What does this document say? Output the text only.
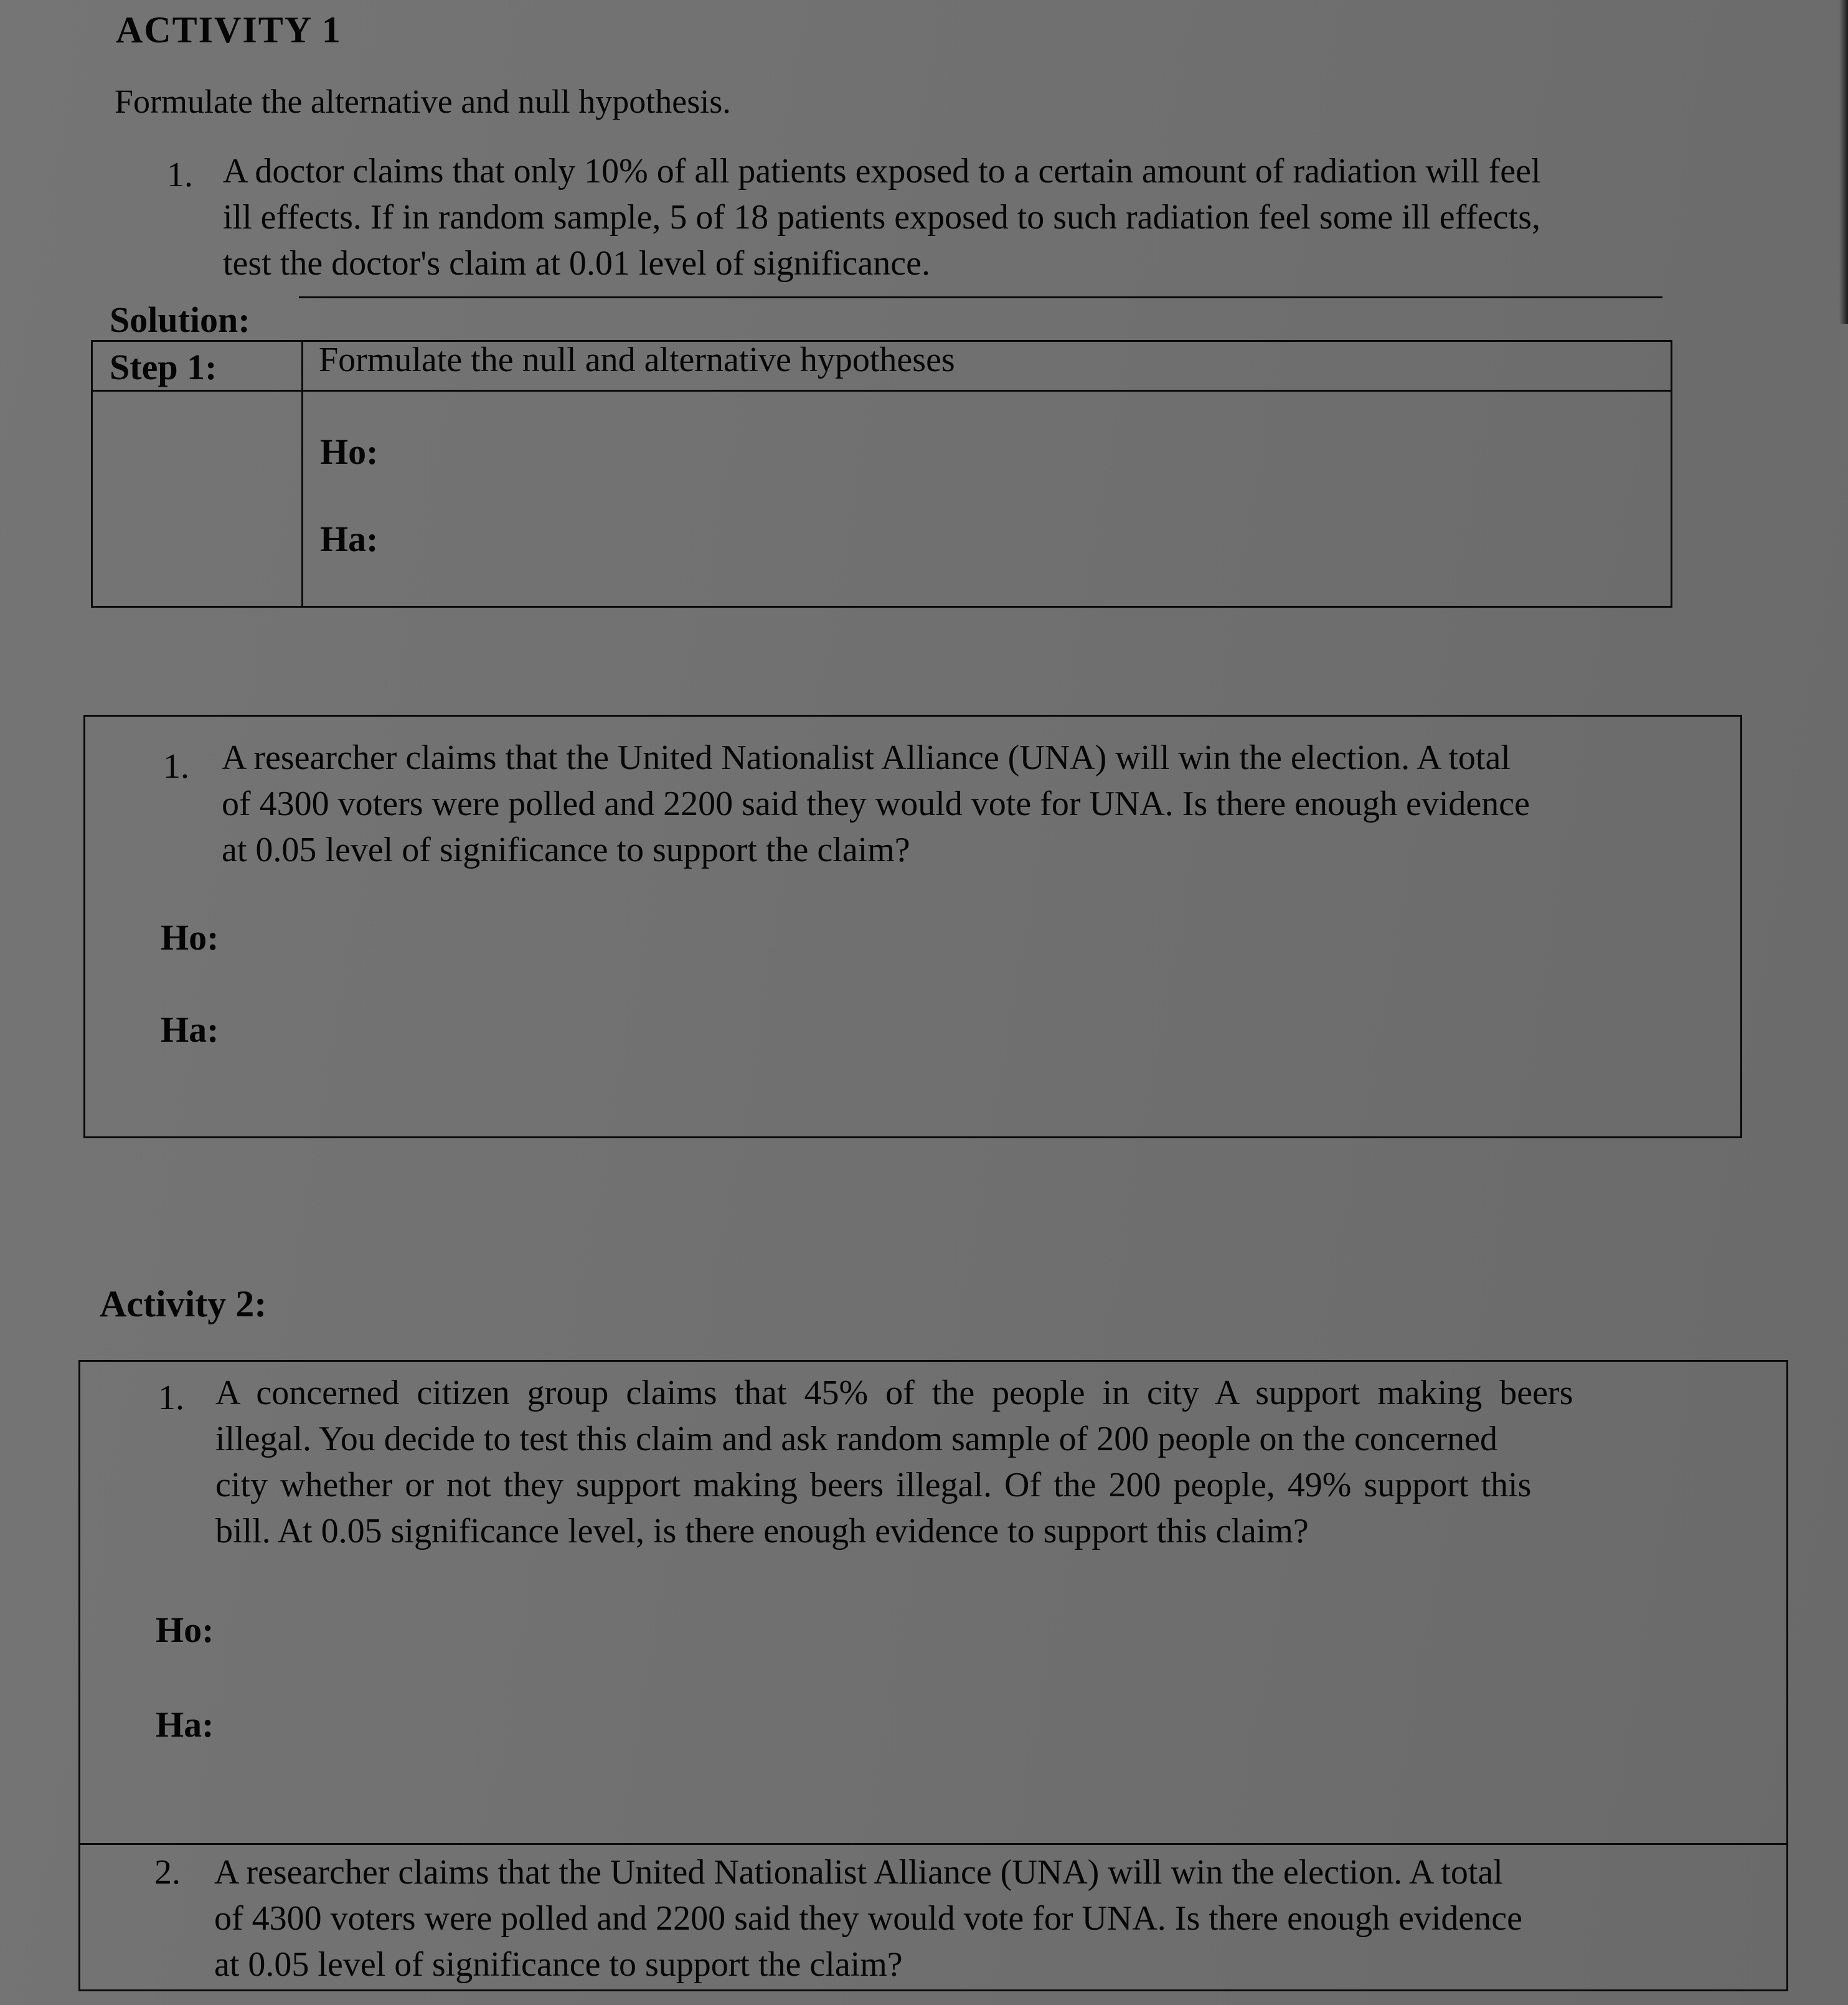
ACTIVITY 1
Formulate the alternative and null hypothesis.
1. A doctor claims that only 10% of all patients exposed to a certain amount of radiation will feel
ill effects. If in random sample, 5 of 18 patients exposed to such radiation feel some ill effects,
test the doctor's claim at 0.01 level of significance.
Solution:
Step 1:	Formulate the null and alternative hypotheses
Ho:
Ha:
1. A researcher claims that the United Nationalist Alliance (UNA) will win the election. A total
of 4300 voters were polled and 2200 said they would vote for UNA. Is there enough evidence
at 0.05 level of significance to support the claim?
Ho:
Ha:
Activity 2:
1. A concerned citizen group claims that 45% of the people in city A support making beers
illegal. You decide to test this claim and ask random sample of 200 people on the concerned
city whether or not they support making beers illegal. Of the 200 people, 49% support this
bill. At 0.05 significance level, is there enough evidence to support this claim?
Ho:
Ha:
2. A researcher claims that the United Nationalist Alliance (UNA) will win the election. A total
of 4300 voters were polled and 2200 said they would vote for UNA. Is there enough evidence
at 0.05 level of significance to support the claim?
